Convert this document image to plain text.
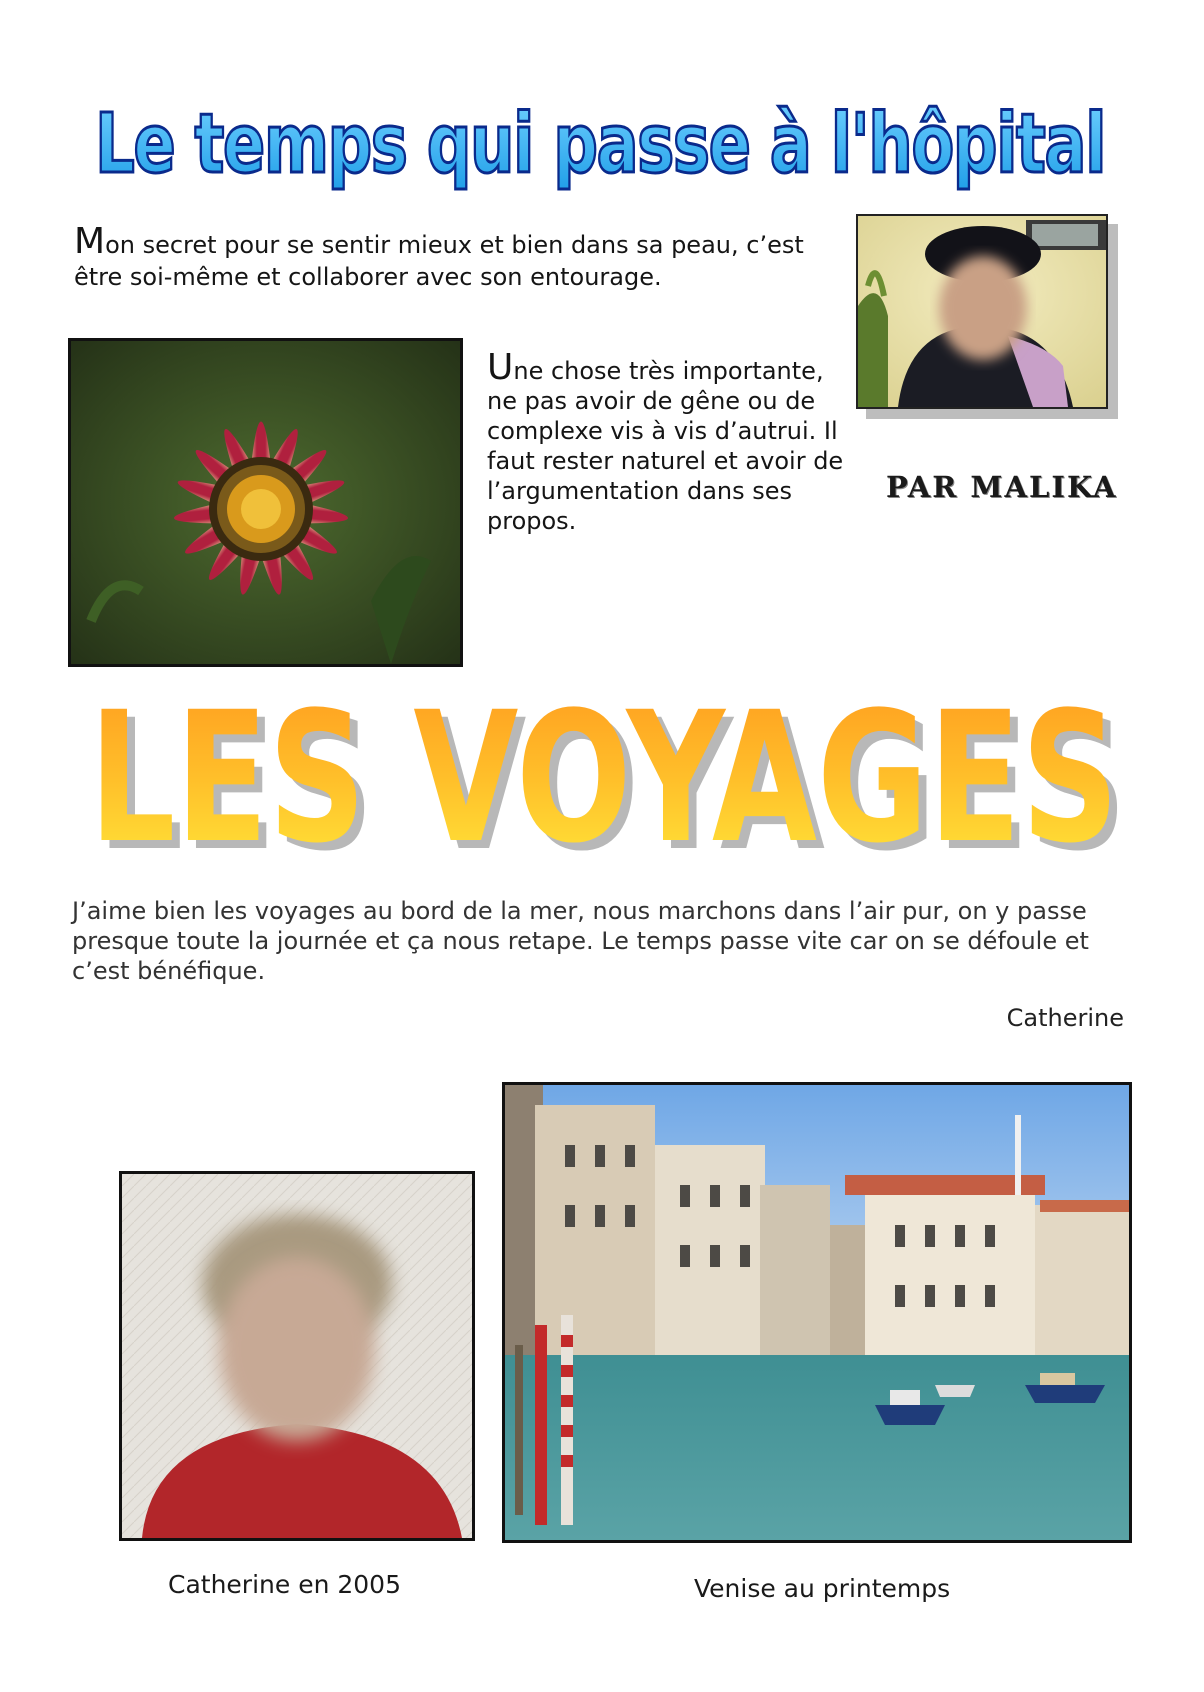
Le temps qui passe à l'hôpital
Mon secret pour se sentir mieux et bien dans sa peau, c’est être soi-même et collaborer avec son entourage.
Une chose très importante, ne pas avoir de gêne ou de complexe vis à vis d’autrui. Il faut rester naturel et avoir de l’argumentation dans ses propos.
PAR MALIKA
LES VOYAGES
LES VOYAGES
J’aime bien les voyages au bord de la mer, nous marchons dans l’air pur, on y passe presque toute la journée et ça nous retape. Le temps passe vite car on se défoule et c’est bénéfique.
Catherine
Catherine en 2005	Venise au printemps
